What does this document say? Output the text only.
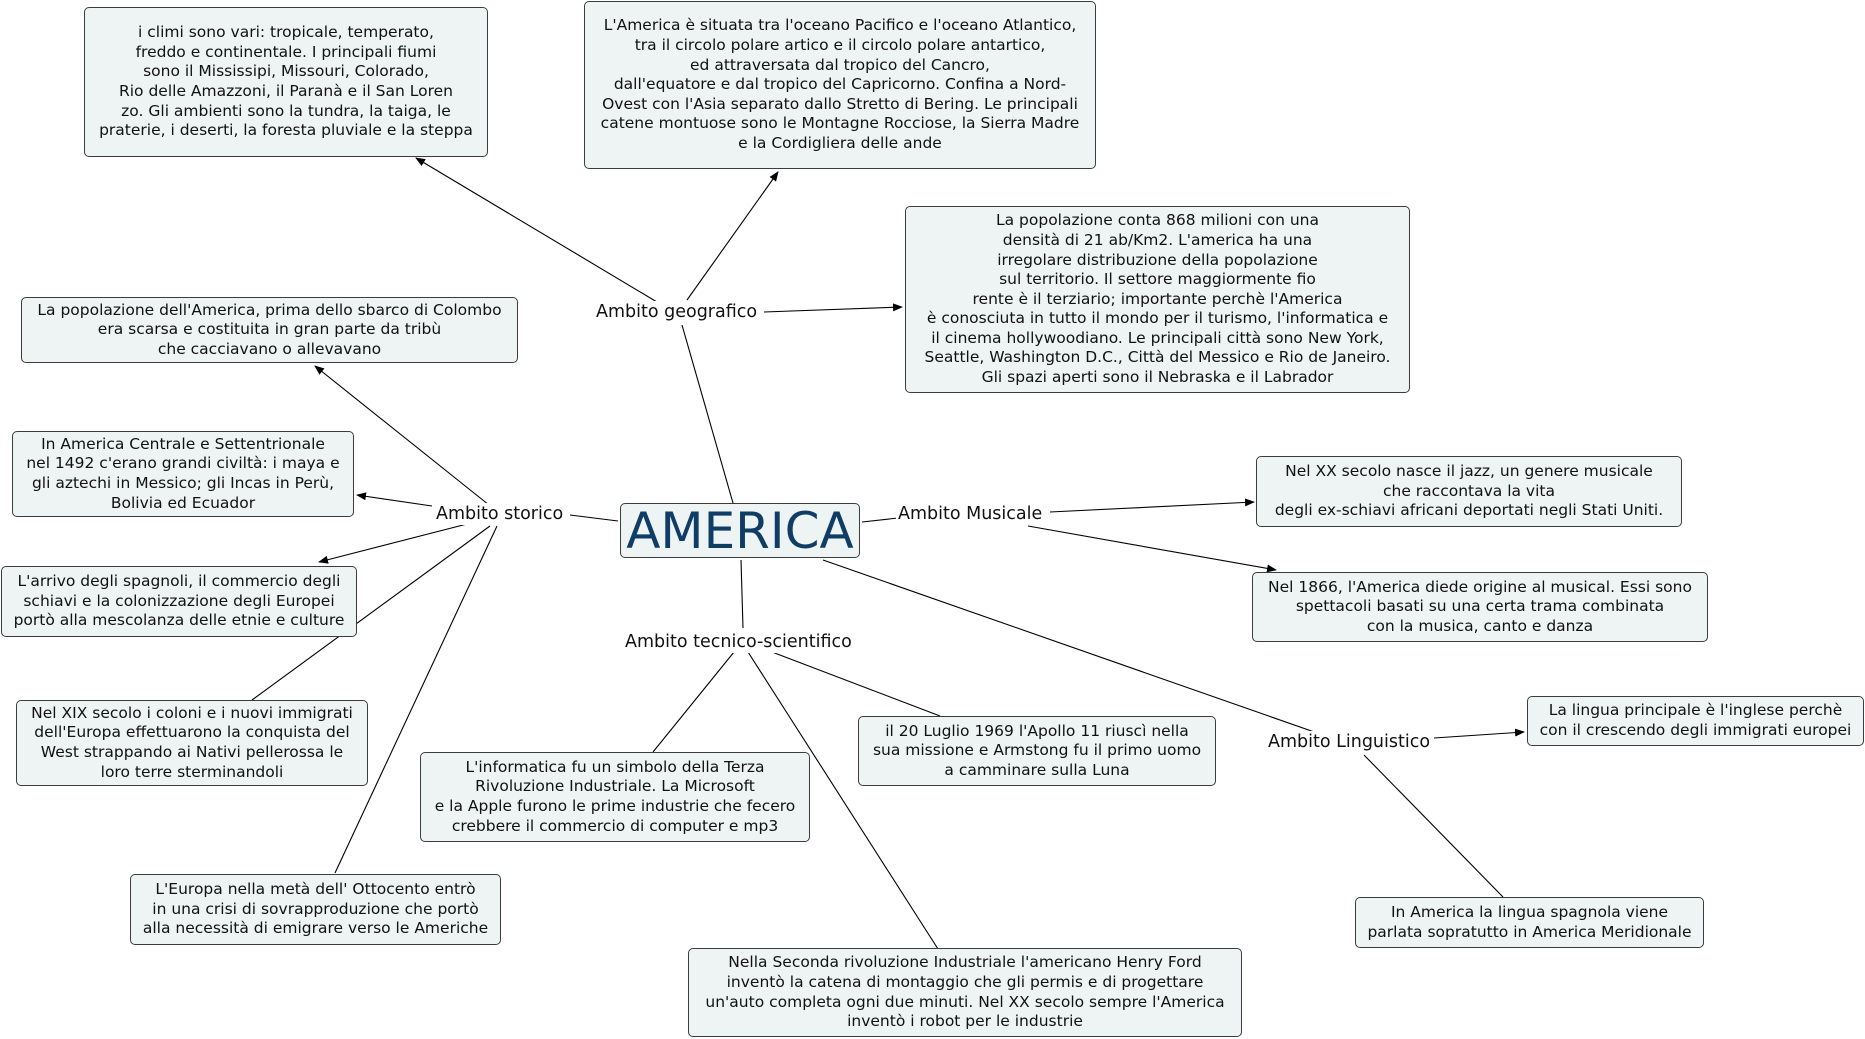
AMERICA
Ambito geografico
Ambito storico	Ambito Musicale
Ambito tecnico-scientifico
Ambito Linguistico
i climi sono vari: tropicale, temperato,
freddo e continentale. I principali fiumi
sono il Mississipi, Missouri, Colorado,
Rio delle Amazzoni, il Paranà e il San Loren
zo. Gli ambienti sono la tundra, la taiga, le
praterie, i deserti, la foresta pluviale e la steppa
L'America è situata tra l'oceano Pacifico e l'oceano Atlantico,
tra il circolo polare artico e il circolo polare antartico,
ed attraversata dal tropico del Cancro,
dall'equatore e dal tropico del Capricorno. Confina a Nord-
Ovest con l'Asia separato dallo Stretto di Bering. Le principali
catene montuose sono le Montagne Rocciose, la Sierra Madre
e la Cordigliera delle ande
La popolazione conta 868 milioni con una
densità di 21 ab/Km2. L'america ha una
irregolare distribuzione della popolazione
sul territorio. Il settore maggiormente fio
rente è il terziario; importante perchè l'America
è conosciuta in tutto il mondo per il turismo, l'informatica e
il cinema hollywoodiano. Le principali città sono New York,
Seattle, Washington D.C., Città del Messico e Rio de Janeiro.
Gli spazi aperti sono il Nebraska e il Labrador
La popolazione dell'America, prima dello sbarco di Colombo
era scarsa e costituita in gran parte da tribù
che cacciavano o allevavano
In America Centrale e Settentrionale
nel 1492 c'erano grandi civiltà: i maya e
gli aztechi in Messico; gli Incas in Perù,
Bolivia ed Ecuador
L'arrivo degli spagnoli, il commercio degli
schiavi e la colonizzazione degli Europei
portò alla mescolanza delle etnie e culture
Nel XIX secolo i coloni e i nuovi immigrati
dell'Europa effettuarono la conquista del
West strappando ai Nativi pellerossa le
loro terre sterminandoli
L'Europa nella metà dell' Ottocento entrò
in una crisi di sovrapproduzione che portò
alla necessità di emigrare verso le Americhe
Nel XX secolo nasce il jazz, un genere musicale
che raccontava la vita
degli ex-schiavi africani deportati negli Stati Uniti.
Nel 1866, l'America diede origine al musical. Essi sono
spettacoli basati su una certa trama combinata
con la musica, canto e danza
La lingua principale è l'inglese perchè
con il crescendo degli immigrati europei
In America la lingua spagnola viene
parlata sopratutto in America Meridionale
il 20 Luglio 1969 l'Apollo 11 riuscì nella
sua missione e Armstong fu il primo uomo
a camminare sulla Luna
L'informatica fu un simbolo della Terza
Rivoluzione Industriale. La Microsoft
e la Apple furono le prime industrie che fecero
crebbere il commercio di computer e mp3
Nella Seconda rivoluzione Industriale l'americano Henry Ford
inventò la catena di montaggio che gli permis e di progettare
un'auto completa ogni due minuti. Nel XX secolo sempre l'America
inventò i robot per le industrie
